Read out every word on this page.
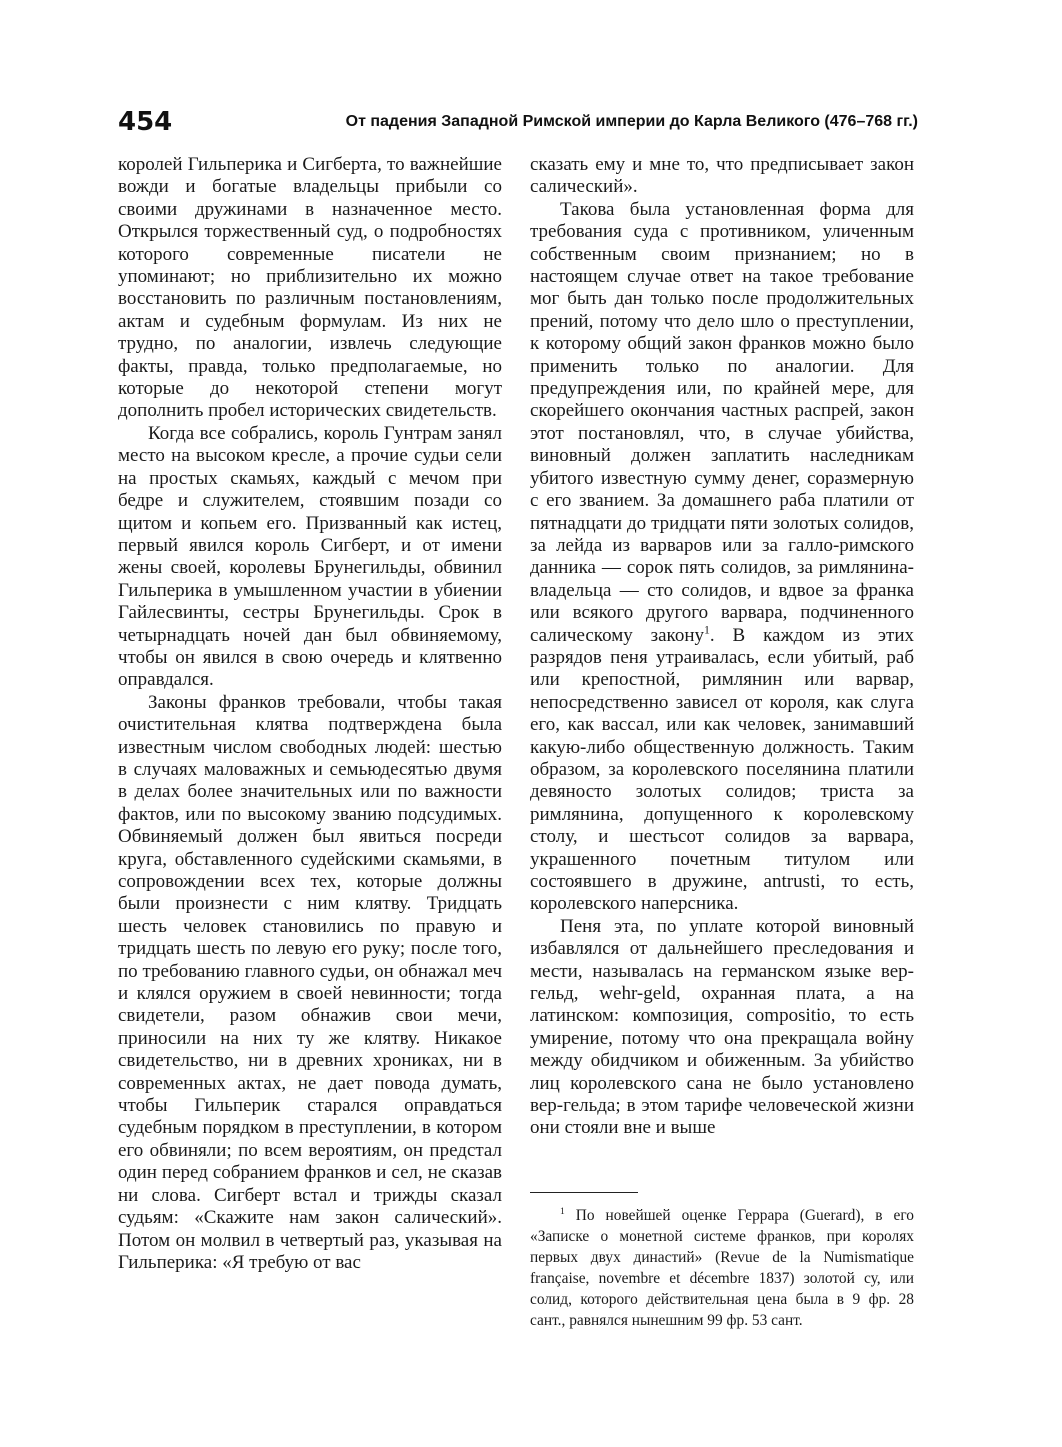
454	От падения Западной Римской империи до Карла Великого (476–768 гг.)

королей Гильперика и Сигберта, то важнейшие вожди и богатые владельцы прибыли со своими дружинами в назначенное место. Открылся торжественный суд, о подробностях которого современные писатели не упоминают; но приблизительно их можно восстановить по различным постановлениям, актам и судебным формулам. Из них не трудно, по аналогии, извлечь следующие факты, правда, только предполагаемые, но которые до некоторой степени могут дополнить пробел исторических свидетельств.

Когда все собрались, король Гунтрам занял место на высоком кресле, а прочие судьи сели на простых скамьях, каждый с мечом при бедре и служителем, стоявшим позади со щитом и копьем его. Призванный как истец, первый явился король Сигберт, и от имени жены своей, королевы Брунегильды, обвинил Гильперика в умышленном участии в убиении Гайлесвинты, сестры Брунегильды. Срок в четырнадцать ночей дан был обвиняемому, чтобы он явился в свою очередь и клятвенно оправдался.

Законы франков требовали, чтобы такая очистительная клятва подтверждена была известным числом свободных людей: шестью в случаях маловажных и семьюдесятью двумя в делах более значительных или по важности фактов, или по высокому званию подсудимых. Обвиняемый должен был явиться посреди круга, обставленного судейскими скамьями, в сопровождении всех тех, которые должны были произнести с ним клятву. Тридцать шесть человек становились по правую и тридцать шесть по левую его руку; после того, по требованию главного судьи, он обнажал меч и клялся оружием в своей невинности; тогда свидетели, разом обнажив свои мечи, приносили на них ту же клятву. Никакое свидетельство, ни в древних хрониках, ни в современных актах, не дает повода думать, чтобы Гильперик старался оправдаться судебным порядком в преступлении, в котором его обвиняли; по всем вероятиям, он предстал один перед собранием франков и сел, не сказав ни слова. Сигберт встал и трижды сказал судьям: «Скажите нам закон салический». Потом он молвил в четвертый раз, указывая на Гильперика: «Я требую от вас

сказать ему и мне то, что предписывает закон салический».

Такова была установленная форма для требования суда с противником, уличенным собственным своим признанием; но в настоящем случае ответ на такое требование мог быть дан только после продолжительных прений, потому что дело шло о преступлении, к которому общий закон франков можно было применить только по аналогии. Для предупреждения или, по крайней мере, для скорейшего окончания частных распрей, закон этот постановлял, что, в случае убийства, виновный должен заплатить наследникам убитого известную сумму денег, соразмерную с его званием. За домашнего раба платили от пятнадцати до тридцати пяти золотых солидов, за лейда из варваров или за галло-римского данника — сорок пять солидов, за римлянина-владельца — сто солидов, и вдвое за франка или всякого другого варвара, подчиненного салическому закону$^1$. В каждом из этих разрядов пеня утраивалась, если убитый, раб или крепостной, римлянин или варвар, непосредственно зависел от короля, как слуга его, как вассал, или как человек, занимавший какую-либо общественную должность. Таким образом, за королевского поселянина платили девяносто золотых солидов; триста за римлянина, допущенного к королевскому столу, и шестьсот солидов за варвара, украшенного почетным титулом или состоявшего в дружине, antrusti, то есть, королевского наперсника.

Пеня эта, по уплате которой виновный избавлялся от дальнейшего преследования и мести, называлась на германском языке вер-гельд, wehr-geld, охранная плата, а на латинском: композиция, compositio, то есть умирение, потому что она прекращала войну между обидчиком и обиженным. За убийство лиц королевского сана не было установлено вер-гельда; в этом тарифе человеческой жизни они стояли вне и выше

$^1$ По новейшей оценке Геррара (Guerard), в его «Записке о монетной системе франков, при королях первых двух династий» (Revue de la Numismatique française, novembre et décembre 1837) золотой су, или солид, которого действительная цена была в 9 фр. 28 сант., равнялся нынешним 99 фр. 53 сант.
